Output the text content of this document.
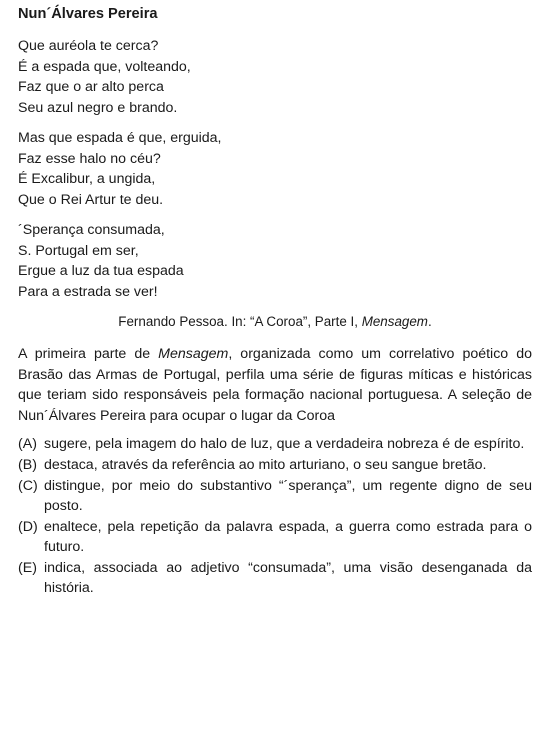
Nun´Álvares Pereira
Que auréola te cerca?
É a espada que, volteando,
Faz que o ar alto perca
Seu azul negro e brando.
Mas que espada é que, erguida,
Faz esse halo no céu?
É Excalibur, a ungida,
Que o Rei Artur te deu.
´Sperança consumada,
S. Portugal em ser,
Ergue a luz da tua espada
Para a estrada se ver!
Fernando Pessoa. In: “A Coroa”, Parte I, Mensagem.
A primeira parte de Mensagem, organizada como um correlativo poético do Brasão das Armas de Portugal, perfila uma série de figuras míticas e históricas que teriam sido responsáveis pela formação nacional portuguesa. A seleção de Nun´Álvares Pereira para ocupar o lugar da Coroa
(A) sugere, pela imagem do halo de luz, que a verdadeira nobreza é de espírito.
(B) destaca, através da referência ao mito arturiano, o seu sangue bretão.
(C) distingue, por meio do substantivo “´sperança”, um regente digno de seu posto.
(D) enaltece, pela repetição da palavra espada, a guerra como estrada para o futuro.
(E) indica, associada ao adjetivo “consumada”, uma visão desenganada da história.
